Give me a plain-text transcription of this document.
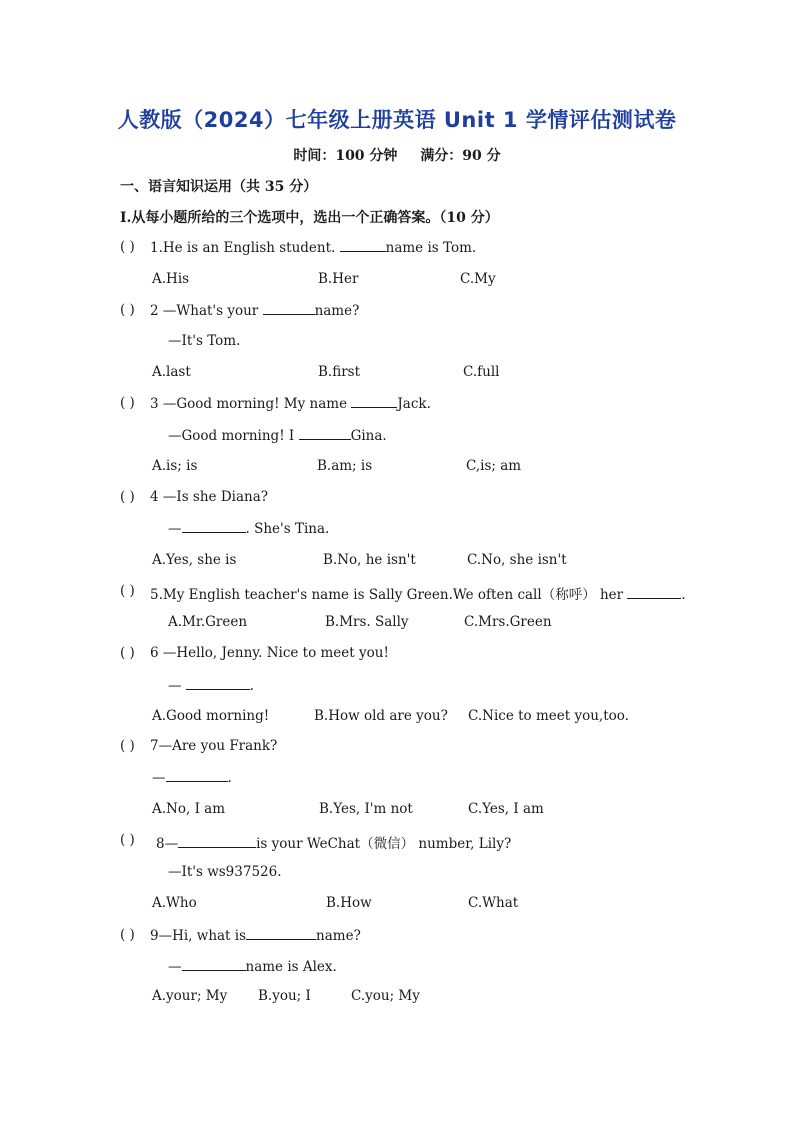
人教版（2024）七年级上册英语 Unit 1 学情评估测试卷
时间：100 分钟 满分：90 分
一、语言知识运用（共 35 分）
I.从每小题所给的三个选项中，选出一个正确答案。（10 分）
( ) 1.He is an English student.	name is Tom.
A.His	B.Her	C.My
( ) 2 —What's your	name?
—It's Tom.
A.last	B.first	C.full
( ) 3 —Good morning! My name	Jack.
—Good morning! I	Gina.
A.is; is	B.am; is	C,is; am
( ) 4 —Is she Diana?
—	. She's Tina.
A.Yes, she is	B.No, he isn't	C.No, she isn't
( ) 5.My English teacher's name is Sally Green.We often call（称呼） her	.
A.Mr.Green	B.Mrs. Sally	C.Mrs.Green
( ) 6 —Hello, Jenny. Nice to meet you!
—	.
A.Good morning!	B.How old are you? C.Nice to meet you,too.
( ) 7—Are you Frank?
—	.
A.No, I am	B.Yes, I'm not	C.Yes, I am
( ) 8—	is your WeChat（微信） number, Lily?
—It's ws937526.
A.Who	B.How	C.What
( ) 9—Hi, what is	name?
—	name is Alex.
A.your; My B.you; I	C.you; My
